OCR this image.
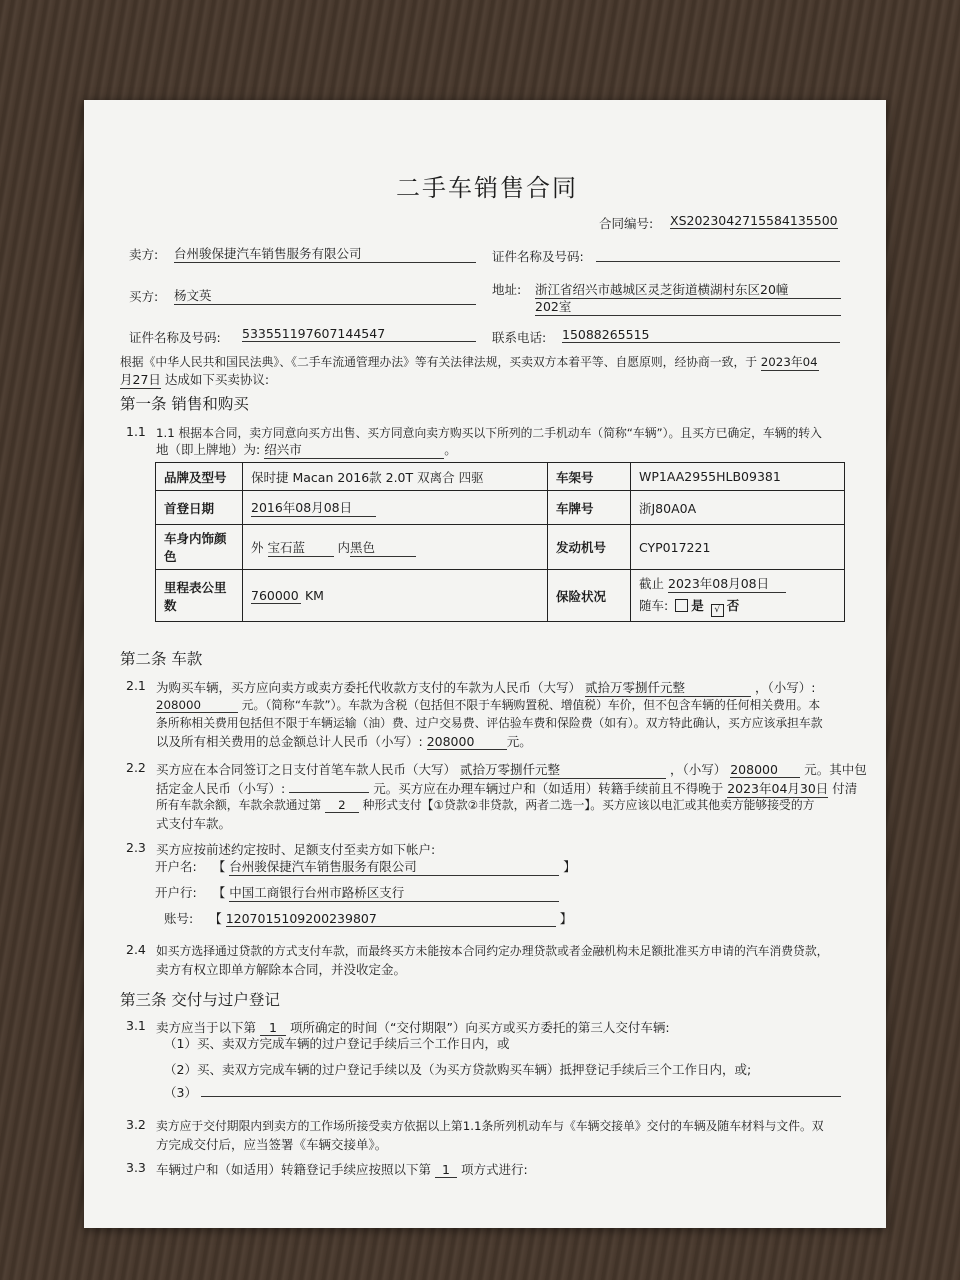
二手车销售合同
合同编号: XS2023042715584135500
卖方: 台州骏保捷汽车销售服务有限公司	证件名称及号码:
买方: 杨文英	地址: 浙江省绍兴市越城区灵芝街道横湖村东区20幢
202室
证件名称及号码: 533551197607144547	联系电话: 15088265515
根据《中华人民共和国民法典》、《二手车流通管理办法》等有关法律法规，买卖双方本着平等、自愿原则，经协商一致，于 2023年04
月27日 达成如下买卖协议:
第一条 销售和购买
1.1 1.1 根据本合同，卖方同意向买方出售、买方同意向卖方购买以下所列的二手机动车（简称“车辆”）。且买方已确定，车辆的转入
地（即上牌地）为: 绍兴市	。
品牌及型号	保时捷 Macan 2016款 2.0T 双离合 四驱	车架号	WP1AA2955HLB09381
首登日期	2016年08月08日	车牌号	浙J80A0A
车身内饰颜色	外 宝石蓝 内黑色	发动机号	CYP017221
里程表公里数	760000 KM	保险状况	截止 2023年08月08日
随车: 是 √ 否
第二条 车款
2.1 为购买车辆，买方应向卖方或卖方委托代收款方支付的车款为人民币（大写） 贰拾万零捌仟元整	，（小写）:
208000	元。（简称“车款”）。车款为含税（包括但不限于车辆购置税、增值税）车价，但不包含车辆的任何相关费用。本
条所称相关费用包括但不限于车辆运输（油）费、过户交易费、评估验车费和保险费（如有）。双方特此确认，买方应该承担车款
以及所有相关费用的总金额总计人民币（小写）: 208000	元。
2.2 买方应在本合同签订之日支付首笔车款人民币（大写） 贰拾万零捌仟元整	，（小写） 208000 元。其中包
括定金人民币（小写）:	元。买方应在办理车辆过户和（如适用）转籍手续前且不得晚于 2023年04月30日 付清
所有车款余额，车款余款通过第 2 种形式支付【①贷款②非贷款，两者二选一】。买方应该以电汇或其他卖方能够接受的方
式支付车款。
2.3 买方应按前述约定按时、足额支付至卖方如下帐户:
开户名: 【 台州骏保捷汽车销售服务有限公司	】
开户行: 【 中国工商银行台州市路桥区支行
账号: 【 1207015109200239807	】
2.4 如买方选择通过贷款的方式支付车款，而最终买方未能按本合同约定办理贷款或者金融机构未足额批准买方申请的汽车消费贷款，
卖方有权立即单方解除本合同，并没收定金。
第三条 交付与过户登记
3.1 卖方应当于以下第 1 项所确定的时间（“交付期限”）向买方或买方委托的第三人交付车辆:
（1）买、卖双方完成车辆的过户登记手续后三个工作日内，或
（2）买、卖双方完成车辆的过户登记手续以及（为买方贷款购买车辆）抵押登记手续后三个工作日内，或;
（3）
3.2 卖方应于交付期限内到卖方的工作场所接受卖方依据以上第1.1条所列机动车与《车辆交接单》交付的车辆及随车材料与文件。双
方完成交付后，应当签署《车辆交接单》。
3.3 车辆过户和（如适用）转籍登记手续应按照以下第 1 项方式进行:
